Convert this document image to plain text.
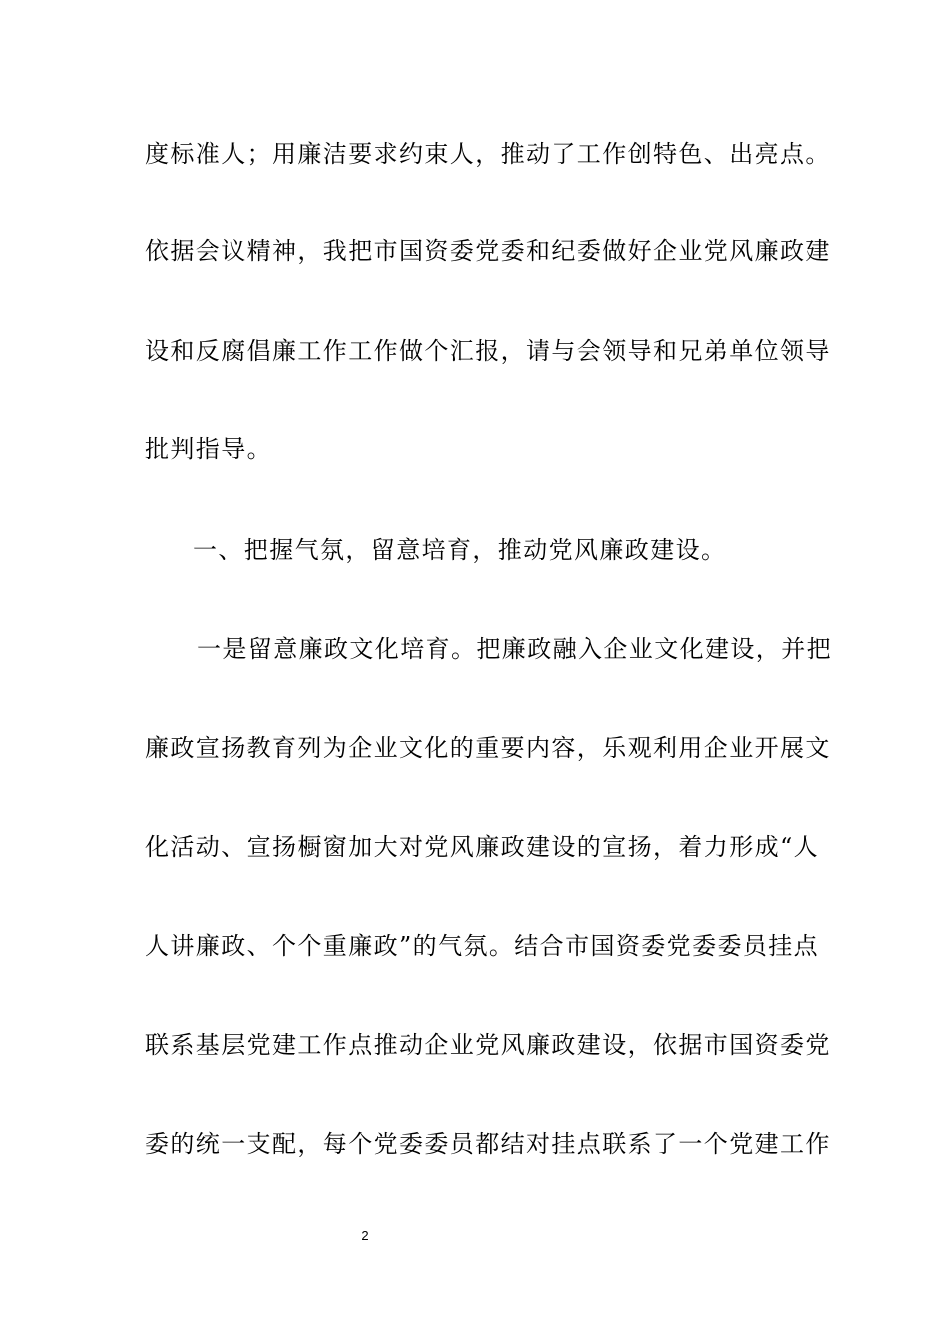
度标准人；用廉洁要求约束人，推动了工作创特色、出亮点。
依据会议精神，我把市国资委党委和纪委做好企业党风廉政建
设和反腐倡廉工作工作做个汇报，请与会领导和兄弟单位领导
批判指导。
一、把握气氛，留意培育，推动党风廉政建设。
一是留意廉政文化培育。把廉政融入企业文化建设，并把
廉政宣扬教育列为企业文化的重要内容，乐观利用企业开展文
化活动、宣扬橱窗加大对党风廉政建设的宣扬，着力形成“人
人讲廉政、个个重廉政”的气氛。结合市国资委党委委员挂点
联系基层党建工作点推动企业党风廉政建设，依据市国资委党
委的统一支配，每个党委委员都结对挂点联系了一个党建工作
2
